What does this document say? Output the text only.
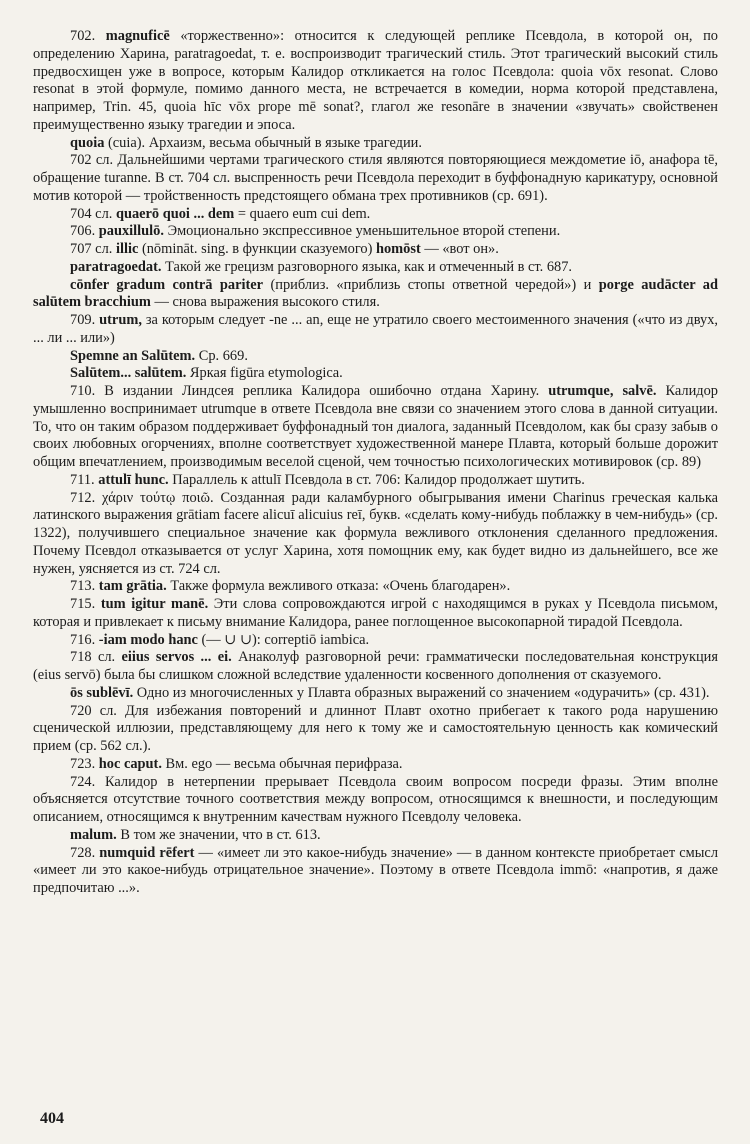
702. magnuficē «торжественно»: относится к следующей реплике Псевдола, в которой он, по определению Харина, paratragoedat, т. е. воспроизводит трагический стиль. Этот трагический высокий стиль предвосхищен уже в вопросе, которым Калидор откликается на голос Псевдола: quoia vōx resonat. Слово resonat в этой формуле, помимо данного места, не встречается в комедии, норма которой представлена, например, Trin. 45, quoia hīc vōx prope mē sonat?, глагол же resonāre в значении «звучать» свойственен преимущественно языку трагедии и эпоса.

quoia (cuia). Архаизм, весьма обычный в языке трагедии.

702 сл. Дальнейшими чертами трагического стиля являются повторяющиеся междометие iō, анафора tē, обращение turanne. В ст. 704 сл. выспренность речи Псевдола переходит в буффонадную карикатуру, основной мотив которой — тройственность предстоящего обмана трех противников (ср. 691).

704 сл. quaerō quoi ... dem = quaero eum cui dem.

706. pauxillulō. Эмоционально экспрессивное уменьшительное второй степени.

707 сл. illic (nōmināt. sing. в функции сказуемого) homōst — «вот он».

paratragoedat. Такой же грецизм разговорного языка, как и отмеченный в ст. 687.

cōnfer gradum contrā pariter (приблиз. «приблизь стопы ответной чередой») и porge audācter ad salūtem bracchium — снова выражения высокого стиля.

709. utrum, за которым следует -ne ... an, еще не утратило своего местоименного значения («что из двух, ... ли ... или»)

Spemne an Salūtem. Ср. 669.

Salūtem... salūtem. Яркая figūra etymologica.

710. В издании Линдсея реплика Калидора ошибочно отдана Харину. utrumque, salvē. Калидор умышленно воспринимает utrumque в ответе Псевдола вне связи со значением этого слова в данной ситуации. То, что он таким образом поддерживает буффонадный тон диалога, заданный Псевдолом, как бы сразу забыв о своих любовных огорчениях, вполне соответствует художественной манере Плавта, который больше дорожит общим впечатлением, производимым веселой сценой, чем точностью психологических мотивировок (ср. 89)

711. attulī hunc. Параллель к attulī Псевдола в ст. 706: Калидор продолжает шутить.

712. χάριν τούτῳ ποιῶ. Созданная ради каламбурного обыгрывания имени Charinus греческая калька латинского выражения grātiam facere alicuī alicuius reī, букв. «сделать кому-нибудь поблажку в чем-нибудь» (ср. 1322), получившего специальное значение как формула вежливого отклонения сделанного предложения. Почему Псевдол отказывается от услуг Харина, хотя помощник ему, как будет видно из дальнейшего, все же нужен, уясняется из ст. 724 сл.

713. tam grātia. Также формула вежливого отказа: «Очень благодарен».

715. tum igitur manē. Эти слова сопровождаются игрой с находящимся в руках у Псевдола письмом, которая и привлекает к письму внимание Калидора, ранее поглощенное высокопарной тирадой Псевдола.

716. -iam modo hanc (— ∪ ∪): correptiō iambica.

718 сл. eiius servos ... ei. Анаколуф разговорной речи: грамматически последовательная конструкция (eius servō) была бы слишком сложной вследствие удаленности косвенного дополнения от сказуемого.

ōs sublēvī. Одно из многочисленных у Плавта образных выражений со значением «одурачить» (ср. 431).

720 сл. Для избежания повторений и длиннот Плавт охотно прибегает к такого рода нарушению сценической иллюзии, представляющему для него к тому же и самостоятельную ценность как комический прием (ср. 562 сл.).

723. hoc caput. Вм. ego — весьма обычная перифраза.

724. Калидор в нетерпении прерывает Псевдола своим вопросом посреди фразы. Этим вполне объясняется отсутствие точного соответствия между вопросом, относящимся к внешности, и последующим описанием, относящимся к внутренним качествам нужного Псевдолу человека.

malum. В том же значении, что в ст. 613.

728. numquid rēfert — «имеет ли это какое-нибудь значение» — в данном контексте приобретает смысл «имеет ли это какое-нибудь отрицательное значение». Поэтому в ответе Псевдола immō: «напротив, я даже предпочитаю ...».

404
